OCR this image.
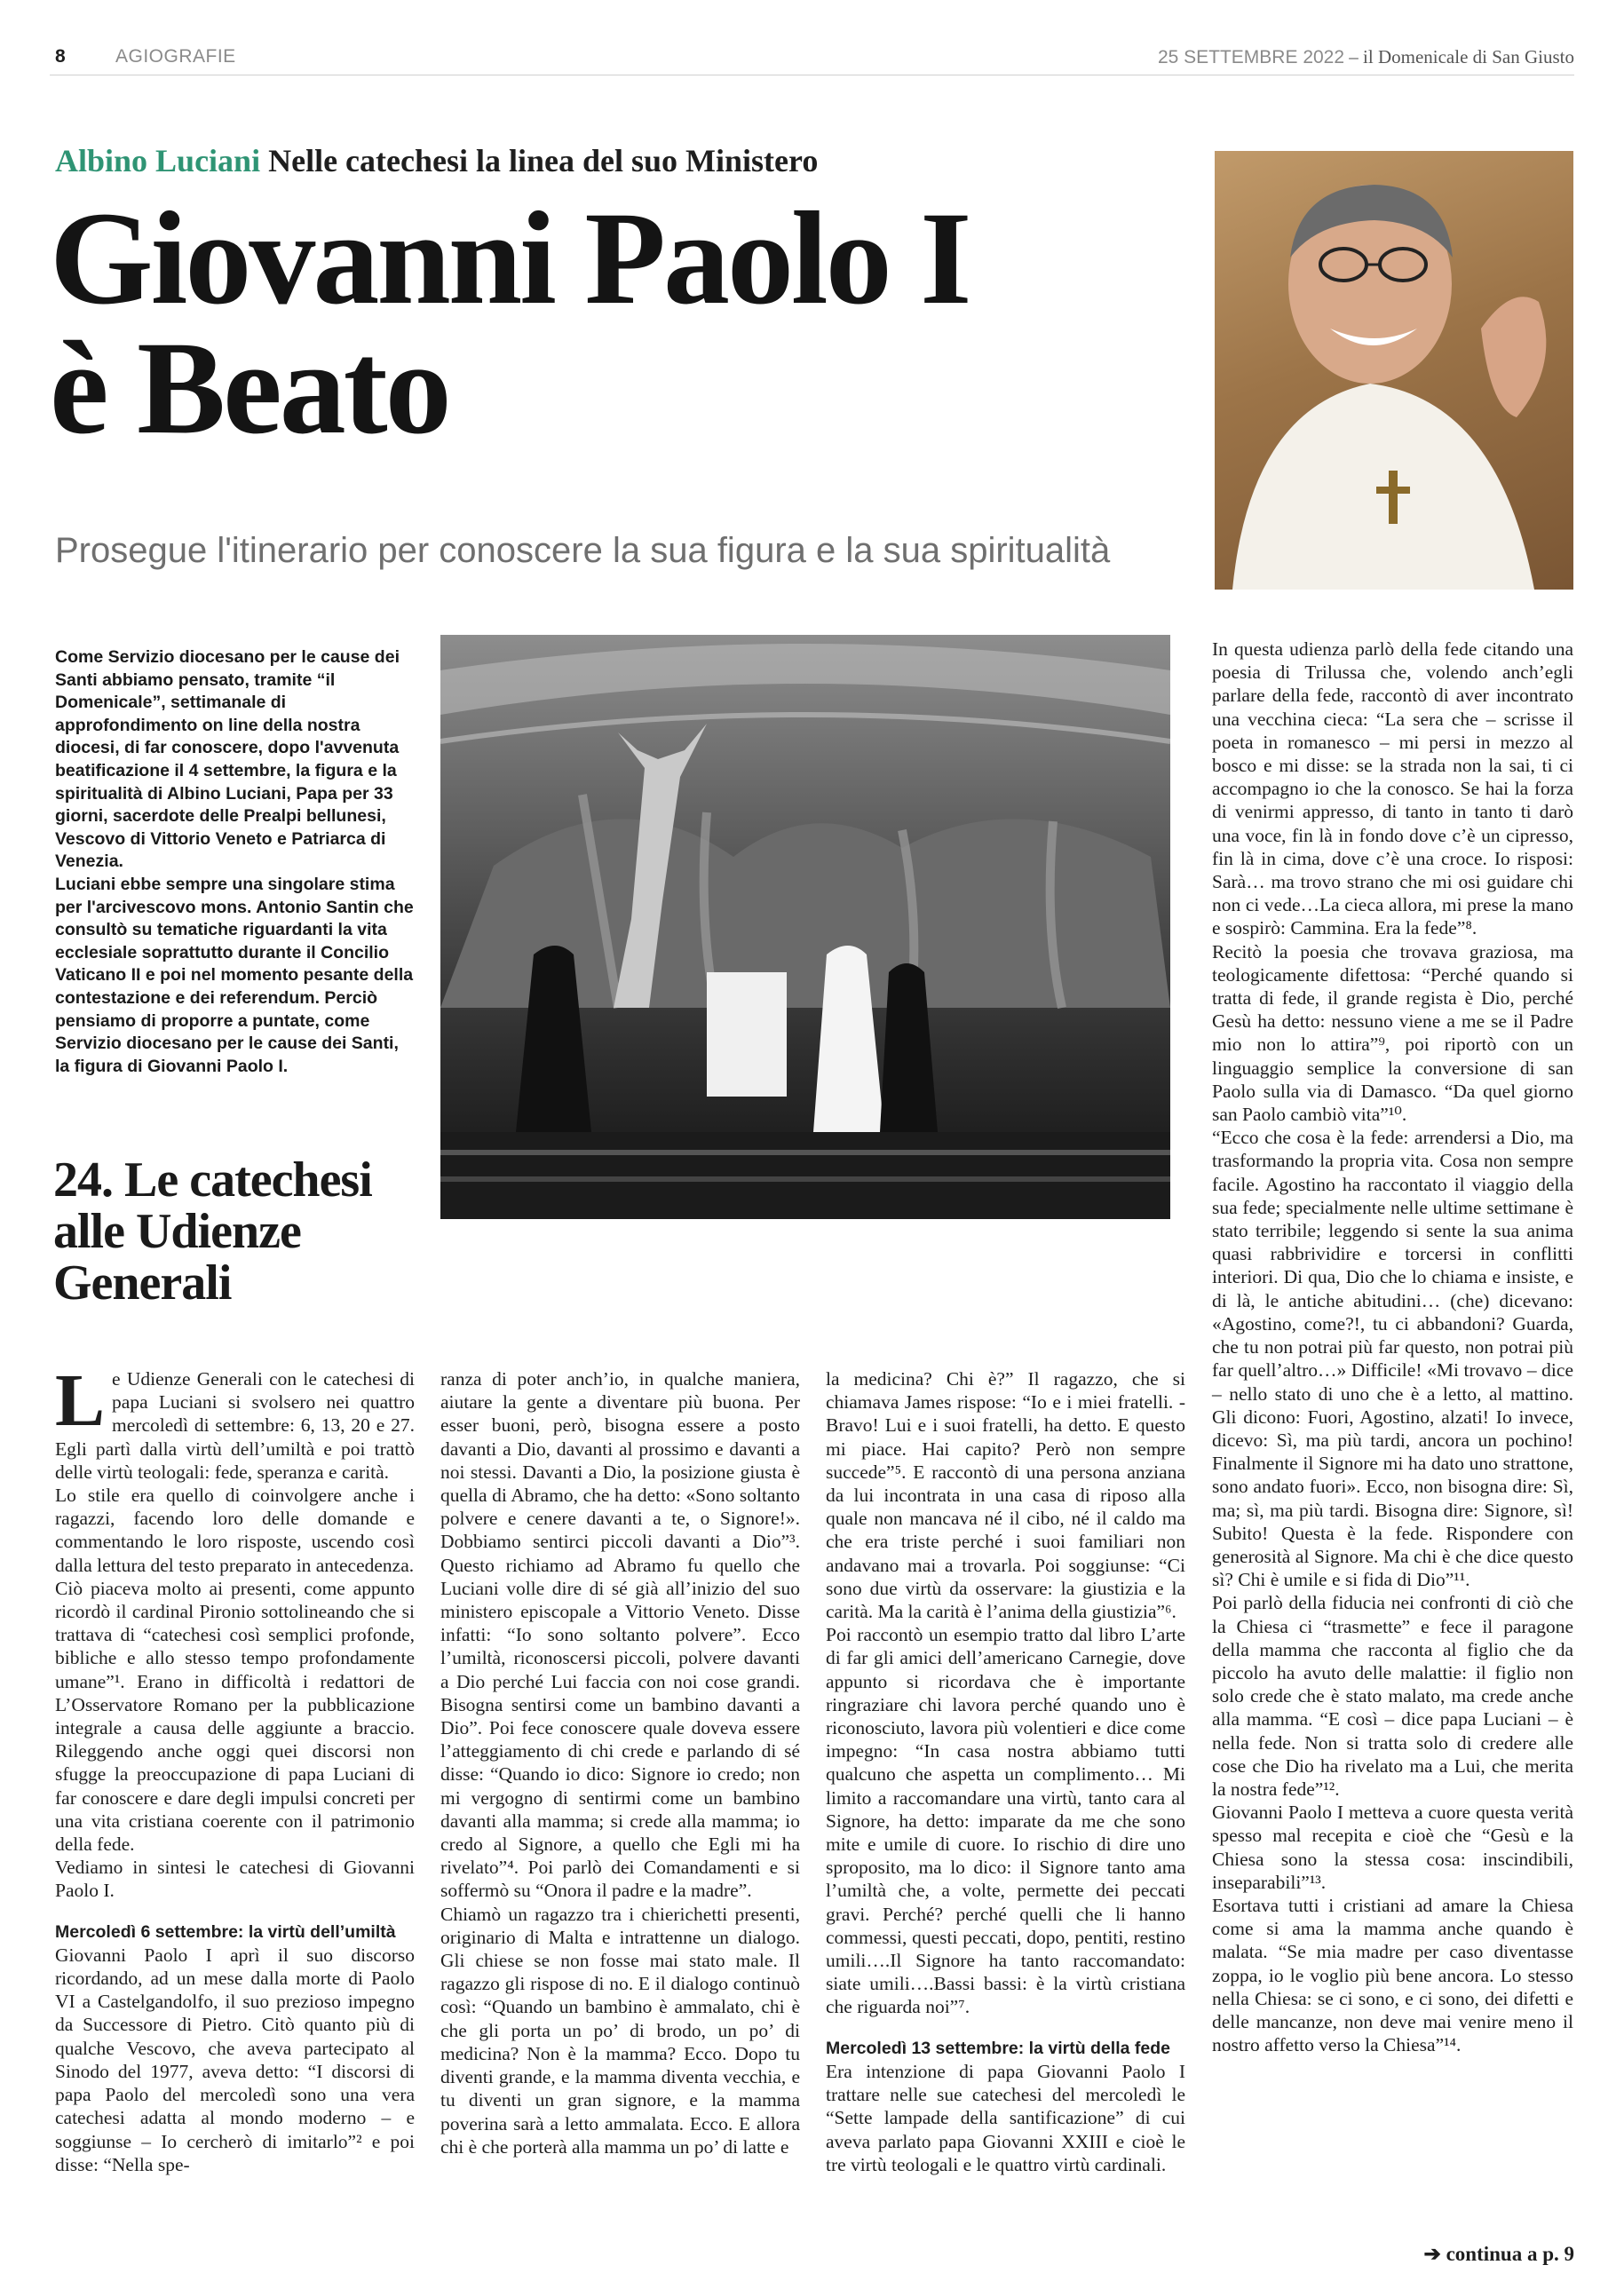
8	AGIOGRAFIE	25 SETTEMBRE 2022 – il Domenicale di San Giusto
Albino Luciani Nelle catechesi la linea del suo Ministero
Giovanni Paolo I
è Beato
Prosegue l'itinerario per conoscere la sua figura e la sua spiritualità

Come Servizio diocesano per le cause dei Santi abbiamo pensato, tramite “il Domenicale”, settimanale di approfondimento on line della nostra diocesi, di far conoscere, dopo l'avvenuta beatificazione il 4 settembre, la figura e la spiritualità di Albino Luciani, Papa per 33 giorni, sacerdote delle Prealpi bellunesi, Vescovo di Vittorio Veneto e Patriarca di Venezia.

Luciani ebbe sempre una singolare stima per l'arcivescovo mons. Antonio Santin che consultò su tematiche riguardanti la vita ecclesiale soprattutto durante il Concilio Vaticano II e poi nel momento pesante della contestazione e dei referendum. Perciò pensiamo di proporre a puntate, come Servizio diocesano per le cause dei Santi, la figura di Giovanni Paolo I.

24. Le catechesi alle Udienze Generali

Le Udienze Generali con le catechesi di papa Luciani si svolsero nei quattro mercoledì di settembre: 6, 13, 20 e 27. Egli partì dalla virtù dell’umiltà e poi trattò delle virtù teologali: fede, speranza e carità.

Lo stile era quello di coinvolgere anche i ragazzi, facendo loro delle domande e commentando le loro risposte, uscendo così dalla lettura del testo preparato in antecedenza.

Ciò piaceva molto ai presenti, come appunto ricordò il cardinal Pironio sottolineando che si trattava di “catechesi così semplici profonde, bibliche e allo stesso tempo profondamente umane”¹. Erano in difficoltà i redattori de L’Osservatore Romano per la pubblicazione integrale a causa delle aggiunte a braccio. Rileggendo anche oggi quei discorsi non sfugge la preoccupazione di papa Luciani di far conoscere e dare degli impulsi concreti per una vita cristiana coerente con il patrimonio della fede.

Vediamo in sintesi le catechesi di Giovanni Paolo I.

Mercoledì 6 settembre: la virtù dell’umiltà

Giovanni Paolo I aprì il suo discorso ricordando, ad un mese dalla morte di Paolo VI a Castelgandolfo, il suo prezioso impegno da Successore di Pietro. Citò quanto più di qualche Vescovo, che aveva partecipato al Sinodo del 1977, aveva detto: “I discorsi di papa Paolo del mercoledì sono una vera catechesi adatta al mondo moderno – e soggiunse – Io cercherò di imitarlo”² e poi disse: “Nella spe-

ranza di poter anch’io, in qualche maniera, aiutare la gente a diventare più buona. Per esser buoni, però, bisogna essere a posto davanti a Dio, davanti al prossimo e davanti a noi stessi. Davanti a Dio, la posizione giusta è quella di Abramo, che ha detto: «Sono soltanto polvere e cenere davanti a te, o Signore!». Dobbiamo sentirci piccoli davanti a Dio”³. Questo richiamo ad Abramo fu quello che Luciani volle dire di sé già all’inizio del suo ministero episcopale a Vittorio Veneto. Disse infatti: “Io sono soltanto polvere”. Ecco l’umiltà, riconoscersi piccoli, polvere davanti a Dio perché Lui faccia con noi cose grandi. Bisogna sentirsi come un bambino davanti a Dio”. Poi fece conoscere quale doveva essere l’atteggiamento di chi crede e parlando di sé disse: “Quando io dico: Signore io credo; non mi vergogno di sentirmi come un bambino davanti alla mamma; si crede alla mamma; io credo al Signore, a quello che Egli mi ha rivelato”⁴. Poi parlò dei Comandamenti e si soffermò su “Onora il padre e la madre”.

Chiamò un ragazzo tra i chierichetti presenti, originario di Malta e intrattenne un dialogo. Gli chiese se non fosse mai stato male. Il ragazzo gli rispose di no. E il dialogo continuò così: “Quando un bambino è ammalato, chi è che gli porta un po’ di brodo, un po’ di medicina? Non è la mamma? Ecco. Dopo tu diventi grande, e la mamma diventa vecchia, e tu diventi un gran signore, e la mamma poverina sarà a letto ammalata. Ecco. E allora chi è che porterà alla mamma un po’ di latte e

la medicina? Chi è?” Il ragazzo, che si chiamava James rispose: “Io e i miei fratelli. - Bravo! Lui e i suoi fratelli, ha detto. E questo mi piace. Hai capito? Però non sempre succede”⁵. E raccontò di una persona anziana da lui incontrata in una casa di riposo alla quale non mancava né il cibo, né il caldo ma che era triste perché i suoi familiari non andavano mai a trovarla. Poi soggiunse: “Ci sono due virtù da osservare: la giustizia e la carità. Ma la carità è l’anima della giustizia”⁶.

Poi raccontò un esempio tratto dal libro L’arte di far gli amici dell’americano Carnegie, dove appunto si ricordava che è importante ringraziare chi lavora perché quando uno è riconosciuto, lavora più volentieri e dice come impegno: “In casa nostra abbiamo tutti qualcuno che aspetta un complimento… Mi limito a raccomandare una virtù, tanto cara al Signore, ha detto: imparate da me che sono mite e umile di cuore. Io rischio di dire uno sproposito, ma lo dico: il Signore tanto ama l’umiltà che, a volte, permette dei peccati gravi. Perché? perché quelli che li hanno commessi, questi peccati, dopo, pentiti, restino umili….Il Signore ha tanto raccomandato: siate umili….Bassi bassi: è la virtù cristiana che riguarda noi”⁷.

Mercoledì 13 settembre: la virtù della fede

Era intenzione di papa Giovanni Paolo I trattare nelle sue catechesi del mercoledì le “Sette lampade della santificazione” di cui aveva parlato papa Giovanni XXIII e cioè le tre virtù teologali e le quattro virtù cardinali.

In questa udienza parlò della fede citando una poesia di Trilussa che, volendo anch’egli parlare della fede, raccontò di aver incontrato una vecchina cieca: “La sera che – scrisse il poeta in romanesco – mi persi in mezzo al bosco e mi disse: se la strada non la sai, ti ci accompagno io che la conosco. Se hai la forza di venirmi appresso, di tanto in tanto ti darò una voce, fin là in fondo dove c’è un cipresso, fin là in cima, dove c’è una croce. Io risposi: Sarà… ma trovo strano che mi osi guidare chi non ci vede…La cieca allora, mi prese la mano e sospirò: Cammina. Era la fede”⁸.

Recitò la poesia che trovava graziosa, ma teologicamente difettosa: “Perché quando si tratta di fede, il grande regista è Dio, perché Gesù ha detto: nessuno viene a me se il Padre mio non lo attira”⁹, poi riportò con un linguaggio semplice la conversione di san Paolo sulla via di Damasco. “Da quel giorno san Paolo cambiò vita”¹⁰.

“Ecco che cosa è la fede: arrendersi a Dio, ma trasformando la propria vita. Cosa non sempre facile. Agostino ha raccontato il viaggio della sua fede; specialmente nelle ultime settimane è stato terribile; leggendo si sente la sua anima quasi rabbrividire e torcersi in conflitti interiori. Di qua, Dio che lo chiama e insiste, e di là, le antiche abitudini… (che) dicevano: «Agostino, come?!, tu ci abbandoni? Guarda, che tu non potrai più far questo, non potrai più far quell’altro…» Difficile! «Mi trovavo – dice – nello stato di uno che è a letto, al mattino. Gli dicono: Fuori, Agostino, alzati! Io invece, dicevo: Sì, ma più tardi, ancora un pochino! Finalmente il Signore mi ha dato uno strattone, sono andato fuori». Ecco, non bisogna dire: Sì, ma; sì, ma più tardi. Bisogna dire: Signore, sì! Subito! Questa è la fede. Rispondere con generosità al Signore. Ma chi è che dice questo sì? Chi è umile e si fida di Dio”¹¹.

Poi parlò della fiducia nei confronti di ciò che la Chiesa ci “trasmette” e fece il paragone della mamma che racconta al figlio che da piccolo ha avuto delle malattie: il figlio non solo crede che è stato malato, ma crede anche alla mamma. “E così – dice papa Luciani – è nella fede. Non si tratta solo di credere alle cose che Dio ha rivelato ma a Lui, che merita la nostra fede”¹².

Giovanni Paolo I metteva a cuore questa verità spesso mal recepita e cioè che “Gesù e la Chiesa sono la stessa cosa: inscindibili, inseparabili”¹³.

Esortava tutti i cristiani ad amare la Chiesa come si ama la mamma anche quando è malata. “Se mia madre per caso diventasse zoppa, io le voglio più bene ancora. Lo stesso nella Chiesa: se ci sono, e ci sono, dei difetti e delle mancanze, non deve mai venire meno il nostro affetto verso la Chiesa”¹⁴.

➔ continua a p. 9
